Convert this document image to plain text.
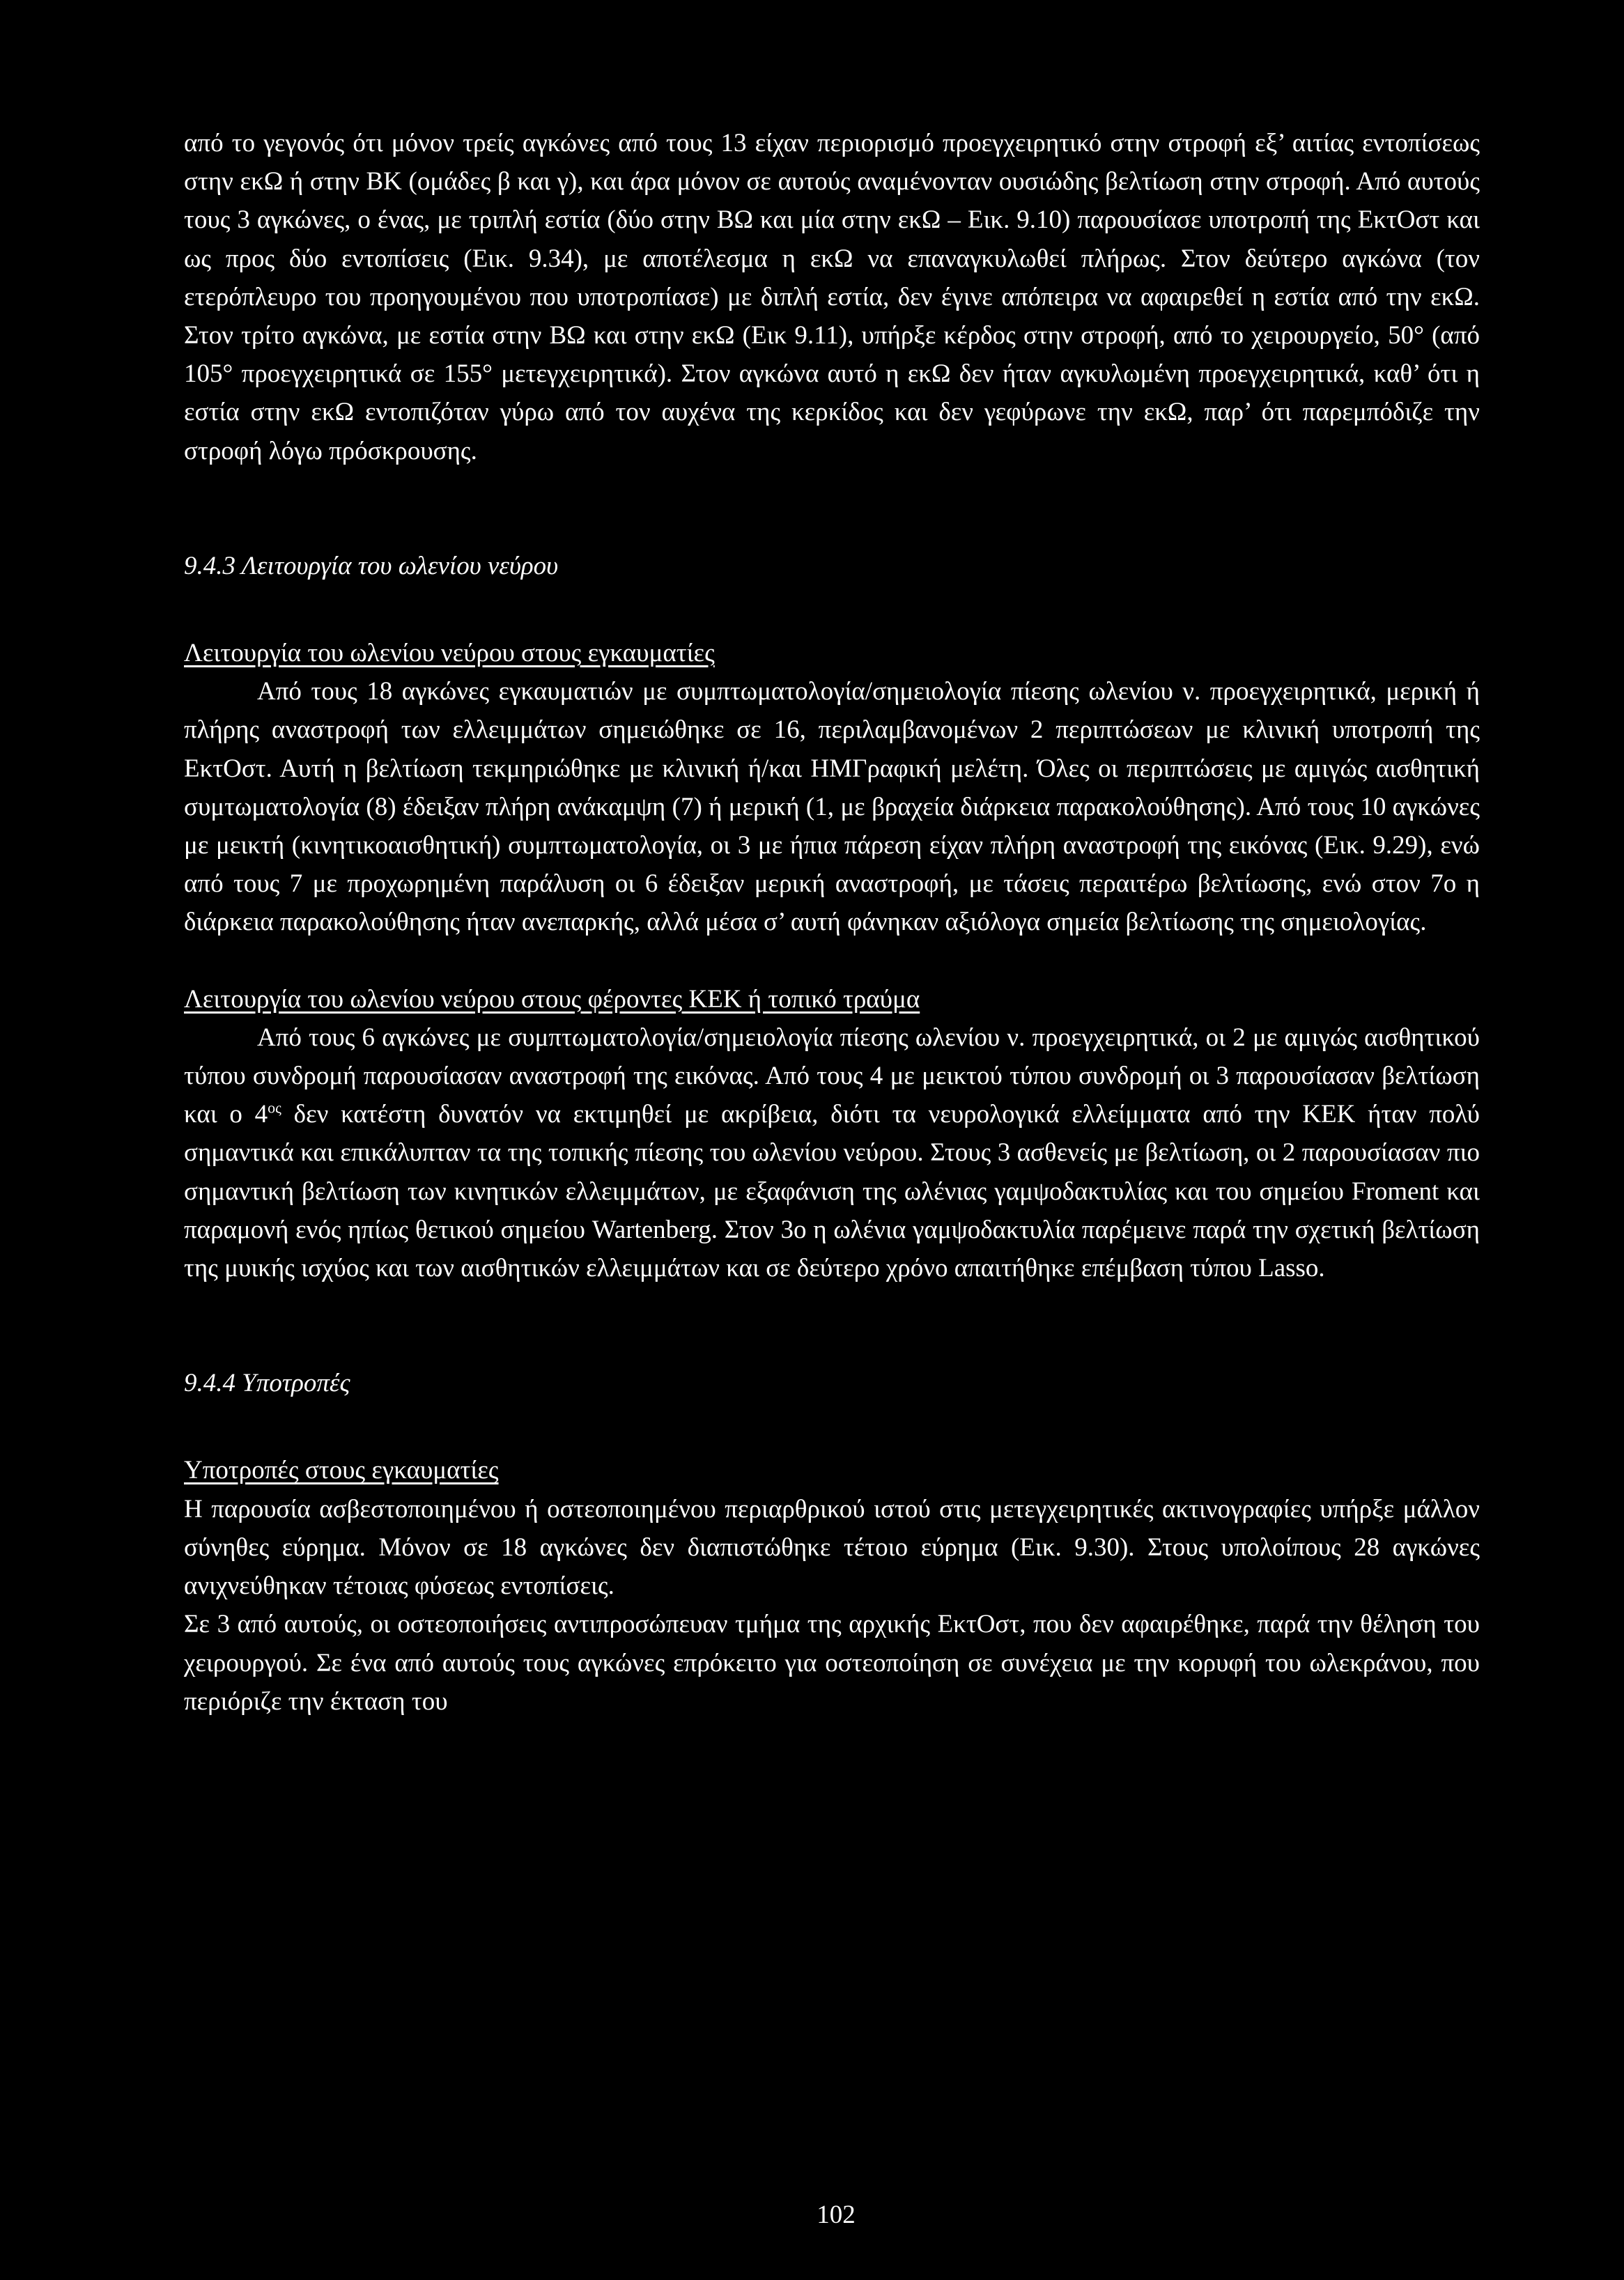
από το γεγονός ότι μόνον τρείς αγκώνες από τους 13 είχαν περιορισμό προεγχειρητικό στην στροφή εξ’ αιτίας εντοπίσεως στην εκΩ ή στην ΒΚ (ομάδες β και γ), και άρα μόνον σε αυτούς αναμένονταν ουσιώδης βελτίωση στην στροφή. Από αυτούς τους 3 αγκώνες, ο ένας, με τριπλή εστία (δύο στην ΒΩ και μία στην εκΩ – Εικ. 9.10) παρουσίασε υποτροπή της ΕκτΟστ και ως προς δύο εντοπίσεις (Εικ. 9.34), με αποτέλεσμα η εκΩ να επαναγκυλωθεί πλήρως. Στον δεύτερο αγκώνα (τον ετερόπλευρο του προηγουμένου που υποτροπίασε) με διπλή εστία, δεν έγινε απόπειρα να αφαιρεθεί η εστία από την εκΩ. Στον τρίτο αγκώνα, με εστία στην ΒΩ και στην εκΩ (Εικ 9.11), υπήρξε κέρδος στην στροφή, από το χειρουργείο, 50° (από 105° προεγχειρητικά σε 155° μετεγχειρητικά). Στον αγκώνα αυτό η εκΩ δεν ήταν αγκυλωμένη προεγχειρητικά, καθ’ ότι η εστία στην εκΩ εντοπιζόταν γύρω από τον αυχένα της κερκίδος και δεν γεφύρωνε την εκΩ, παρ’ ότι παρεμπόδιζε την στροφή λόγω πρόσκρουσης.

9.4.3 Λειτουργία του ωλενίου νεύρου

Λειτουργία του ωλενίου νεύρου στους εγκαυματίες

Από τους 18 αγκώνες εγκαυματιών με συμπτωματολογία/σημειολογία πίεσης ωλενίου ν. προεγχειρητικά, μερική ή πλήρης αναστροφή των ελλειμμάτων σημειώθηκε σε 16, περιλαμβανομένων 2 περιπτώσεων με κλινική υποτροπή της ΕκτΟστ. Αυτή η βελτίωση τεκμηριώθηκε με κλινική ή/και ΗΜΓραφική μελέτη. Όλες οι περιπτώσεις με αμιγώς αισθητική συμτωματολογία (8) έδειξαν πλήρη ανάκαμψη (7) ή μερική (1, με βραχεία διάρκεια παρακολούθησης). Από τους 10 αγκώνες με μεικτή (κινητικοαισθητική) συμπτωματολογία, οι 3 με ήπια πάρεση είχαν πλήρη αναστροφή της εικόνας (Εικ. 9.29), ενώ από τους 7 με προχωρημένη παράλυση οι 6 έδειξαν μερική αναστροφή, με τάσεις περαιτέρω βελτίωσης, ενώ στον 7ο η διάρκεια παρακολούθησης ήταν ανεπαρκής, αλλά μέσα σ’ αυτή φάνηκαν αξιόλογα σημεία βελτίωσης της σημειολογίας.

Λειτουργία του ωλενίου νεύρου στους φέροντες ΚΕΚ ή τοπικό τραύμα

Από τους 6 αγκώνες με συμπτωματολογία/σημειολογία πίεσης ωλενίου ν. προεγχειρητικά, οι 2 με αμιγώς αισθητικού τύπου συνδρομή παρουσίασαν αναστροφή της εικόνας. Από τους 4 με μεικτού τύπου συνδρομή οι 3 παρουσίασαν βελτίωση και ο $4^{o\varsigma}$ δεν κατέστη δυνατόν να εκτιμηθεί με ακρίβεια, διότι τα νευρολογικά ελλείμματα από την ΚΕΚ ήταν πολύ σημαντικά και επικάλυπταν τα της τοπικής πίεσης του ωλενίου νεύρου. Στους 3 ασθενείς με βελτίωση, οι 2 παρουσίασαν πιο σημαντική βελτίωση των κινητικών ελλειμμάτων, με εξαφάνιση της ωλένιας γαμψοδακτυλίας και του σημείου Froment και παραμονή ενός ηπίως θετικού σημείου Wartenberg. Στον 3ο η ωλένια γαμψοδακτυλία παρέμεινε παρά την σχετική βελτίωση της μυικής ισχύος και των αισθητικών ελλειμμάτων και σε δεύτερο χρόνο απαιτήθηκε επέμβαση τύπου Lasso.

9.4.4 Υποτροπές

Υποτροπές στους εγκαυματίες

Η παρουσία ασβεστοποιημένου ή οστεοποιημένου περιαρθρικού ιστού στις μετεγχειρητικές ακτινογραφίες υπήρξε μάλλον σύνηθες εύρημα. Μόνον σε 18 αγκώνες δεν διαπιστώθηκε τέτοιο εύρημα (Εικ. 9.30). Στους υπολοίπους 28 αγκώνες ανιχνεύθηκαν τέτοιας φύσεως εντοπίσεις.

Σε 3 από αυτούς, οι οστεοποιήσεις αντιπροσώπευαν τμήμα της αρχικής ΕκτΟστ, που δεν αφαιρέθηκε, παρά την θέληση του χειρουργού. Σε ένα από αυτούς τους αγκώνες επρόκειτο για οστεοποίηση σε συνέχεια με την κορυφή του ωλεκράνου, που περιόριζε την έκταση του

102
